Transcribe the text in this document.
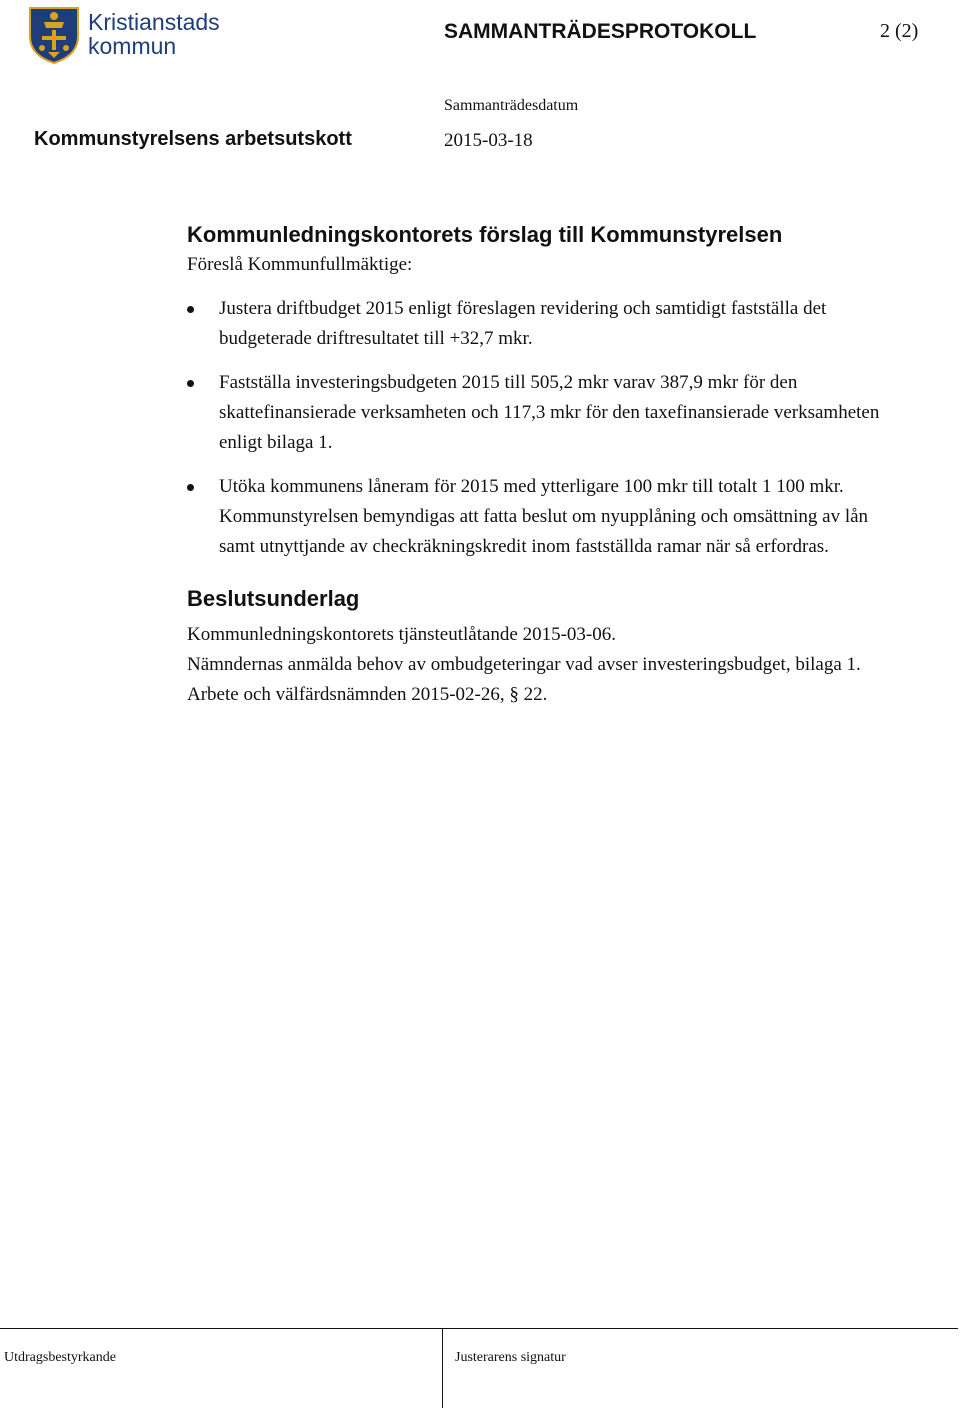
Kristianstads
kommun
SAMMANTRÄDESPROTOKOLL	2 (2)
Kommunstyrelsens arbetsutskott
Sammanträdesdatum
2015-03-18
Kommunledningskontorets förslag till Kommunstyrelsen

Föreslå Kommunfullmäktige:

Justera driftbudget 2015 enligt föreslagen revidering och samtidigt fastställa det budgeterade driftresultatet till +32,7 mkr.
Fastställa investeringsbudgeten 2015 till 505,2 mkr varav 387,9 mkr för den skattefinansierade verksamheten och 117,3 mkr för den taxefinansierade verksamheten enligt bilaga 1.
Utöka kommunens låneram för 2015 med ytterligare 100 mkr till totalt 1 100 mkr. Kommunstyrelsen bemyndigas att fatta beslut om nyupplåning och omsättning av lån samt utnyttjande av checkräkningskredit inom fastställda ramar när så erfordras.
Beslutsunderlag

Kommunledningskontorets tjänsteutlåtande 2015-03-06.

Nämndernas anmälda behov av ombudgeteringar vad avser investeringsbudget, bilaga 1.

Arbete och välfärdsnämnden 2015-02-26, § 22.

Utdragsbestyrkande	Justerarens signatur
